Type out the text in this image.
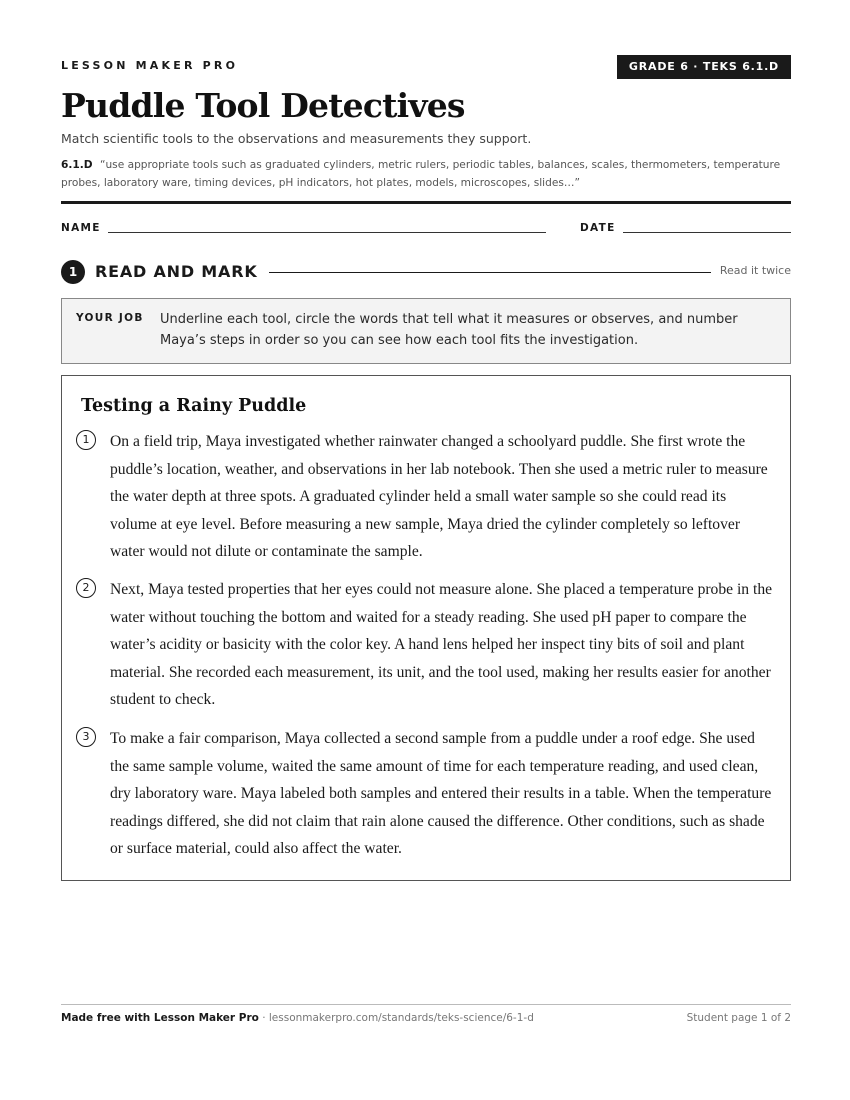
LESSON MAKER PRO	GRADE 6 · TEKS 6.1.D
Puddle Tool Detectives
Match scientific tools to the observations and measurements they support.
6.1.D “use appropriate tools such as graduated cylinders, metric rulers, periodic tables, balances, scales, thermometers, temperature probes, laboratory ware, timing devices, pH indicators, hot plates, models, microscopes, slides…”
NAME	DATE
1	READ AND MARK	Read it twice
YOUR JOB Underline each tool, circle the words that tell what it measures or observes, and number Maya’s steps in order so you can see how each tool fits the investigation.
Testing a Rainy Puddle
1	On a field trip, Maya investigated whether rainwater changed a schoolyard puddle. She first wrote the puddle’s location, weather, and observations in her lab notebook. Then she used a metric ruler to measure the water depth at three spots. A graduated cylinder held a small water sample so she could read its volume at eye level. Before measuring a new sample, Maya dried the cylinder completely so leftover water would not dilute or contaminate the sample.

2	Next, Maya tested properties that her eyes could not measure alone. She placed a temperature probe in the water without touching the bottom and waited for a steady reading. She used pH paper to compare the water’s acidity or basicity with the color key. A hand lens helped her inspect tiny bits of soil and plant material. She recorded each measurement, its unit, and the tool used, making her results easier for another student to check.

3	To make a fair comparison, Maya collected a second sample from a puddle under a roof edge. She used the same sample volume, waited the same amount of time for each temperature reading, and used clean, dry laboratory ware. Maya labeled both samples and entered their results in a table. When the temperature readings differed, she did not claim that rain alone caused the difference. Other conditions, such as shade or surface material, could also affect the water.

Made free with Lesson Maker Pro · lessonmakerpro.com/standards/teks-science/6-1-d	Student page 1 of 2
